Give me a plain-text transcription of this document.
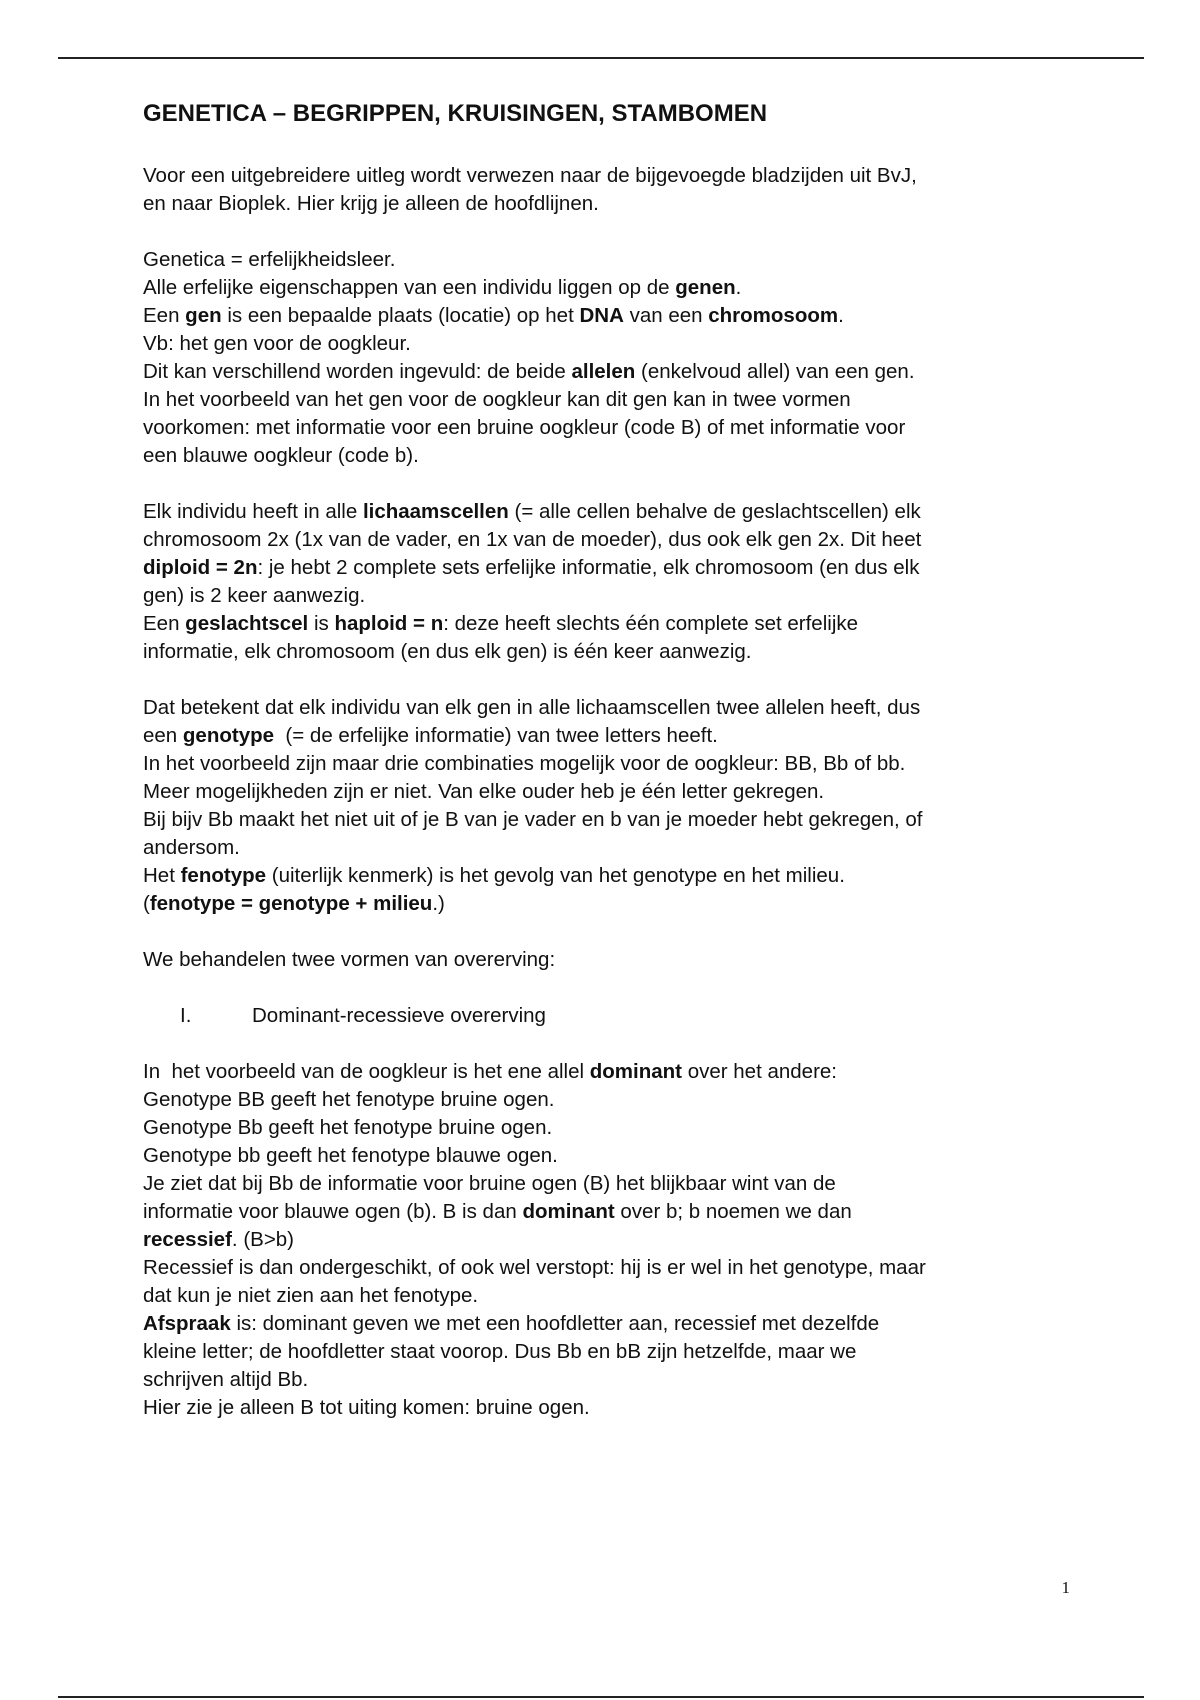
GENETICA – BEGRIPPEN, KRUISINGEN, STAMBOMEN

Voor een uitgebreidere uitleg wordt verwezen naar de bijgevoegde bladzijden uit BvJ,
en naar Bioplek. Hier krijg je alleen de hoofdlijnen.

Genetica = erfelijkheidsleer.
Alle erfelijke eigenschappen van een individu liggen op de genen.
Een gen is een bepaalde plaats (locatie) op het DNA van een chromosoom.
Vb: het gen voor de oogkleur.
Dit kan verschillend worden ingevuld: de beide allelen (enkelvoud allel) van een gen.
In het voorbeeld van het gen voor de oogkleur kan dit gen kan in twee vormen
voorkomen: met informatie voor een bruine oogkleur (code B) of met informatie voor
een blauwe oogkleur (code b).

Elk individu heeft in alle lichaamscellen (= alle cellen behalve de geslachtscellen) elk
chromosoom 2x (1x van de vader, en 1x van de moeder), dus ook elk gen 2x. Dit heet
diploid = 2n: je hebt 2 complete sets erfelijke informatie, elk chromosoom (en dus elk
gen) is 2 keer aanwezig.
Een geslachtscel is haploid = n: deze heeft slechts één complete set erfelijke
informatie, elk chromosoom (en dus elk gen) is één keer aanwezig.

Dat betekent dat elk individu van elk gen in alle lichaamscellen twee allelen heeft, dus
een genotype  (= de erfelijke informatie) van twee letters heeft.
In het voorbeeld zijn maar drie combinaties mogelijk voor de oogkleur: BB, Bb of bb.
Meer mogelijkheden zijn er niet. Van elke ouder heb je één letter gekregen.
Bij bijv Bb maakt het niet uit of je B van je vader en b van je moeder hebt gekregen, of
andersom.
Het fenotype (uiterlijk kenmerk) is het gevolg van het genotype en het milieu.
(fenotype = genotype + milieu.)

We behandelen twee vormen van overerving:

I.	Dominant-recessieve overerving

In  het voorbeeld van de oogkleur is het ene allel dominant over het andere:
Genotype BB geeft het fenotype bruine ogen.
Genotype Bb geeft het fenotype bruine ogen.
Genotype bb geeft het fenotype blauwe ogen.
Je ziet dat bij Bb de informatie voor bruine ogen (B) het blijkbaar wint van de
informatie voor blauwe ogen (b). B is dan dominant over b; b noemen we dan
recessief. (B>b)
Recessief is dan ondergeschikt, of ook wel verstopt: hij is er wel in het genotype, maar
dat kun je niet zien aan het fenotype.
Afspraak is: dominant geven we met een hoofdletter aan, recessief met dezelfde
kleine letter; de hoofdletter staat voorop. Dus Bb en bB zijn hetzelfde, maar we
schrijven altijd Bb.
Hier zie je alleen B tot uiting komen: bruine ogen.

1
